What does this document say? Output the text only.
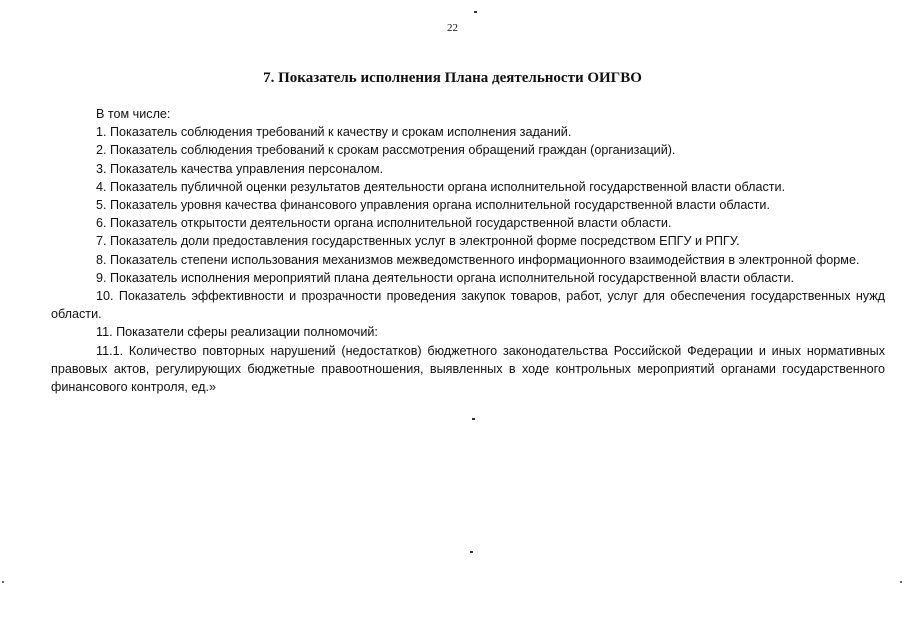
22
7. Показатель исполнения Плана деятельности ОИГВО

В том числе:

1. Показатель соблюдения требований к качеству и срокам исполнения заданий.

2. Показатель соблюдения требований к срокам рассмотрения обращений граждан (организаций).

3. Показатель качества управления персоналом.

4. Показатель публичной оценки результатов деятельности органа исполнительной государственной власти области.

5. Показатель уровня качества финансового управления органа исполнительной государственной власти области.

6. Показатель открытости деятельности органа исполнительной государственной власти области.

7. Показатель доли предоставления государственных услуг в электронной форме посредством ЕПГУ и РПГУ.

8. Показатель степени использования механизмов межведомственного информационного взаимодействия в электронной форме.

9. Показатель исполнения мероприятий плана деятельности органа исполнительной государственной власти области.

10. Показатель эффективности и прозрачности проведения закупок товаров, работ, услуг для обеспечения государственных нужд области.

11. Показатели сферы реализации полномочий:

11.1. Количество повторных нарушений (недостатков) бюджетного законодательства Российской Федерации и иных нормативных правовых актов, регулирующих бюджетные правоотношения, выявленных в ходе контрольных мероприятий органами государственного финансового контроля, ед.»
